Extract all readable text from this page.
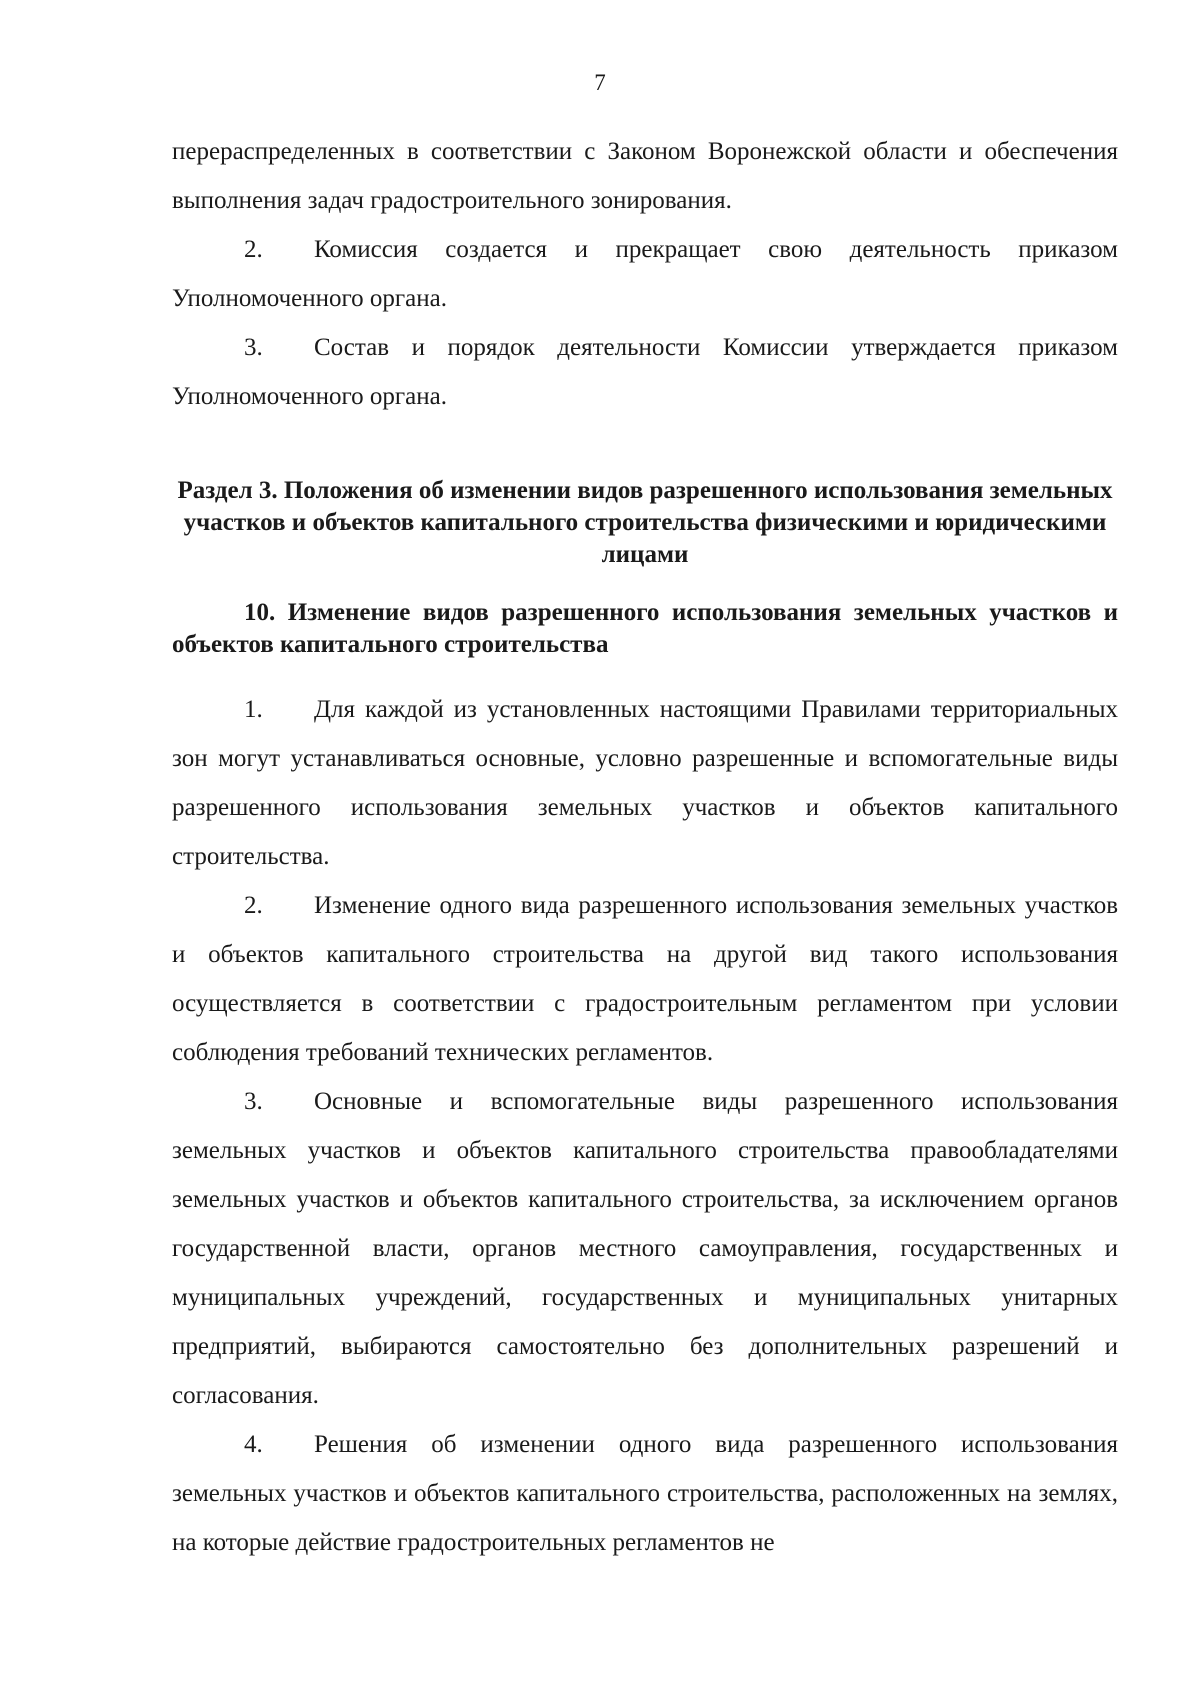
7

перераспределенных в соответствии с Законом Воронежской области и обеспечения выполнения задач градостроительного зонирования.

2. Комиссия создается и прекращает свою деятельность приказом Уполномоченного органа.

3. Состав и порядок деятельности Комиссии утверждается приказом Уполномоченного органа.

Раздел 3. Положения об изменении видов разрешенного использования земельных участков и объектов капитального строительства физическими и юридическими лицами
10. Изменение видов разрешенного использования земельных участков и объектов капитального строительства

1. Для каждой из установленных настоящими Правилами территориальных зон могут устанавливаться основные, условно разрешенные и вспомогательные виды разрешенного использования земельных участков и объектов капитального строительства.

2. Изменение одного вида разрешенного использования земельных участков и объектов капитального строительства на другой вид такого использования осуществляется в соответствии с градостроительным регламентом при условии соблюдения требований технических регламентов.

3. Основные и вспомогательные виды разрешенного использования земельных участков и объектов капитального строительства правообладателями земельных участков и объектов капитального строительства, за исключением органов государственной власти, органов местного самоуправления, государственных и муниципальных учреждений, государственных и муниципальных унитарных предприятий, выбираются самостоятельно без дополнительных разрешений и согласования.

4. Решения об изменении одного вида разрешенного использования земельных участков и объектов капитального строительства, расположенных на землях, на которые действие градостроительных регламентов не
